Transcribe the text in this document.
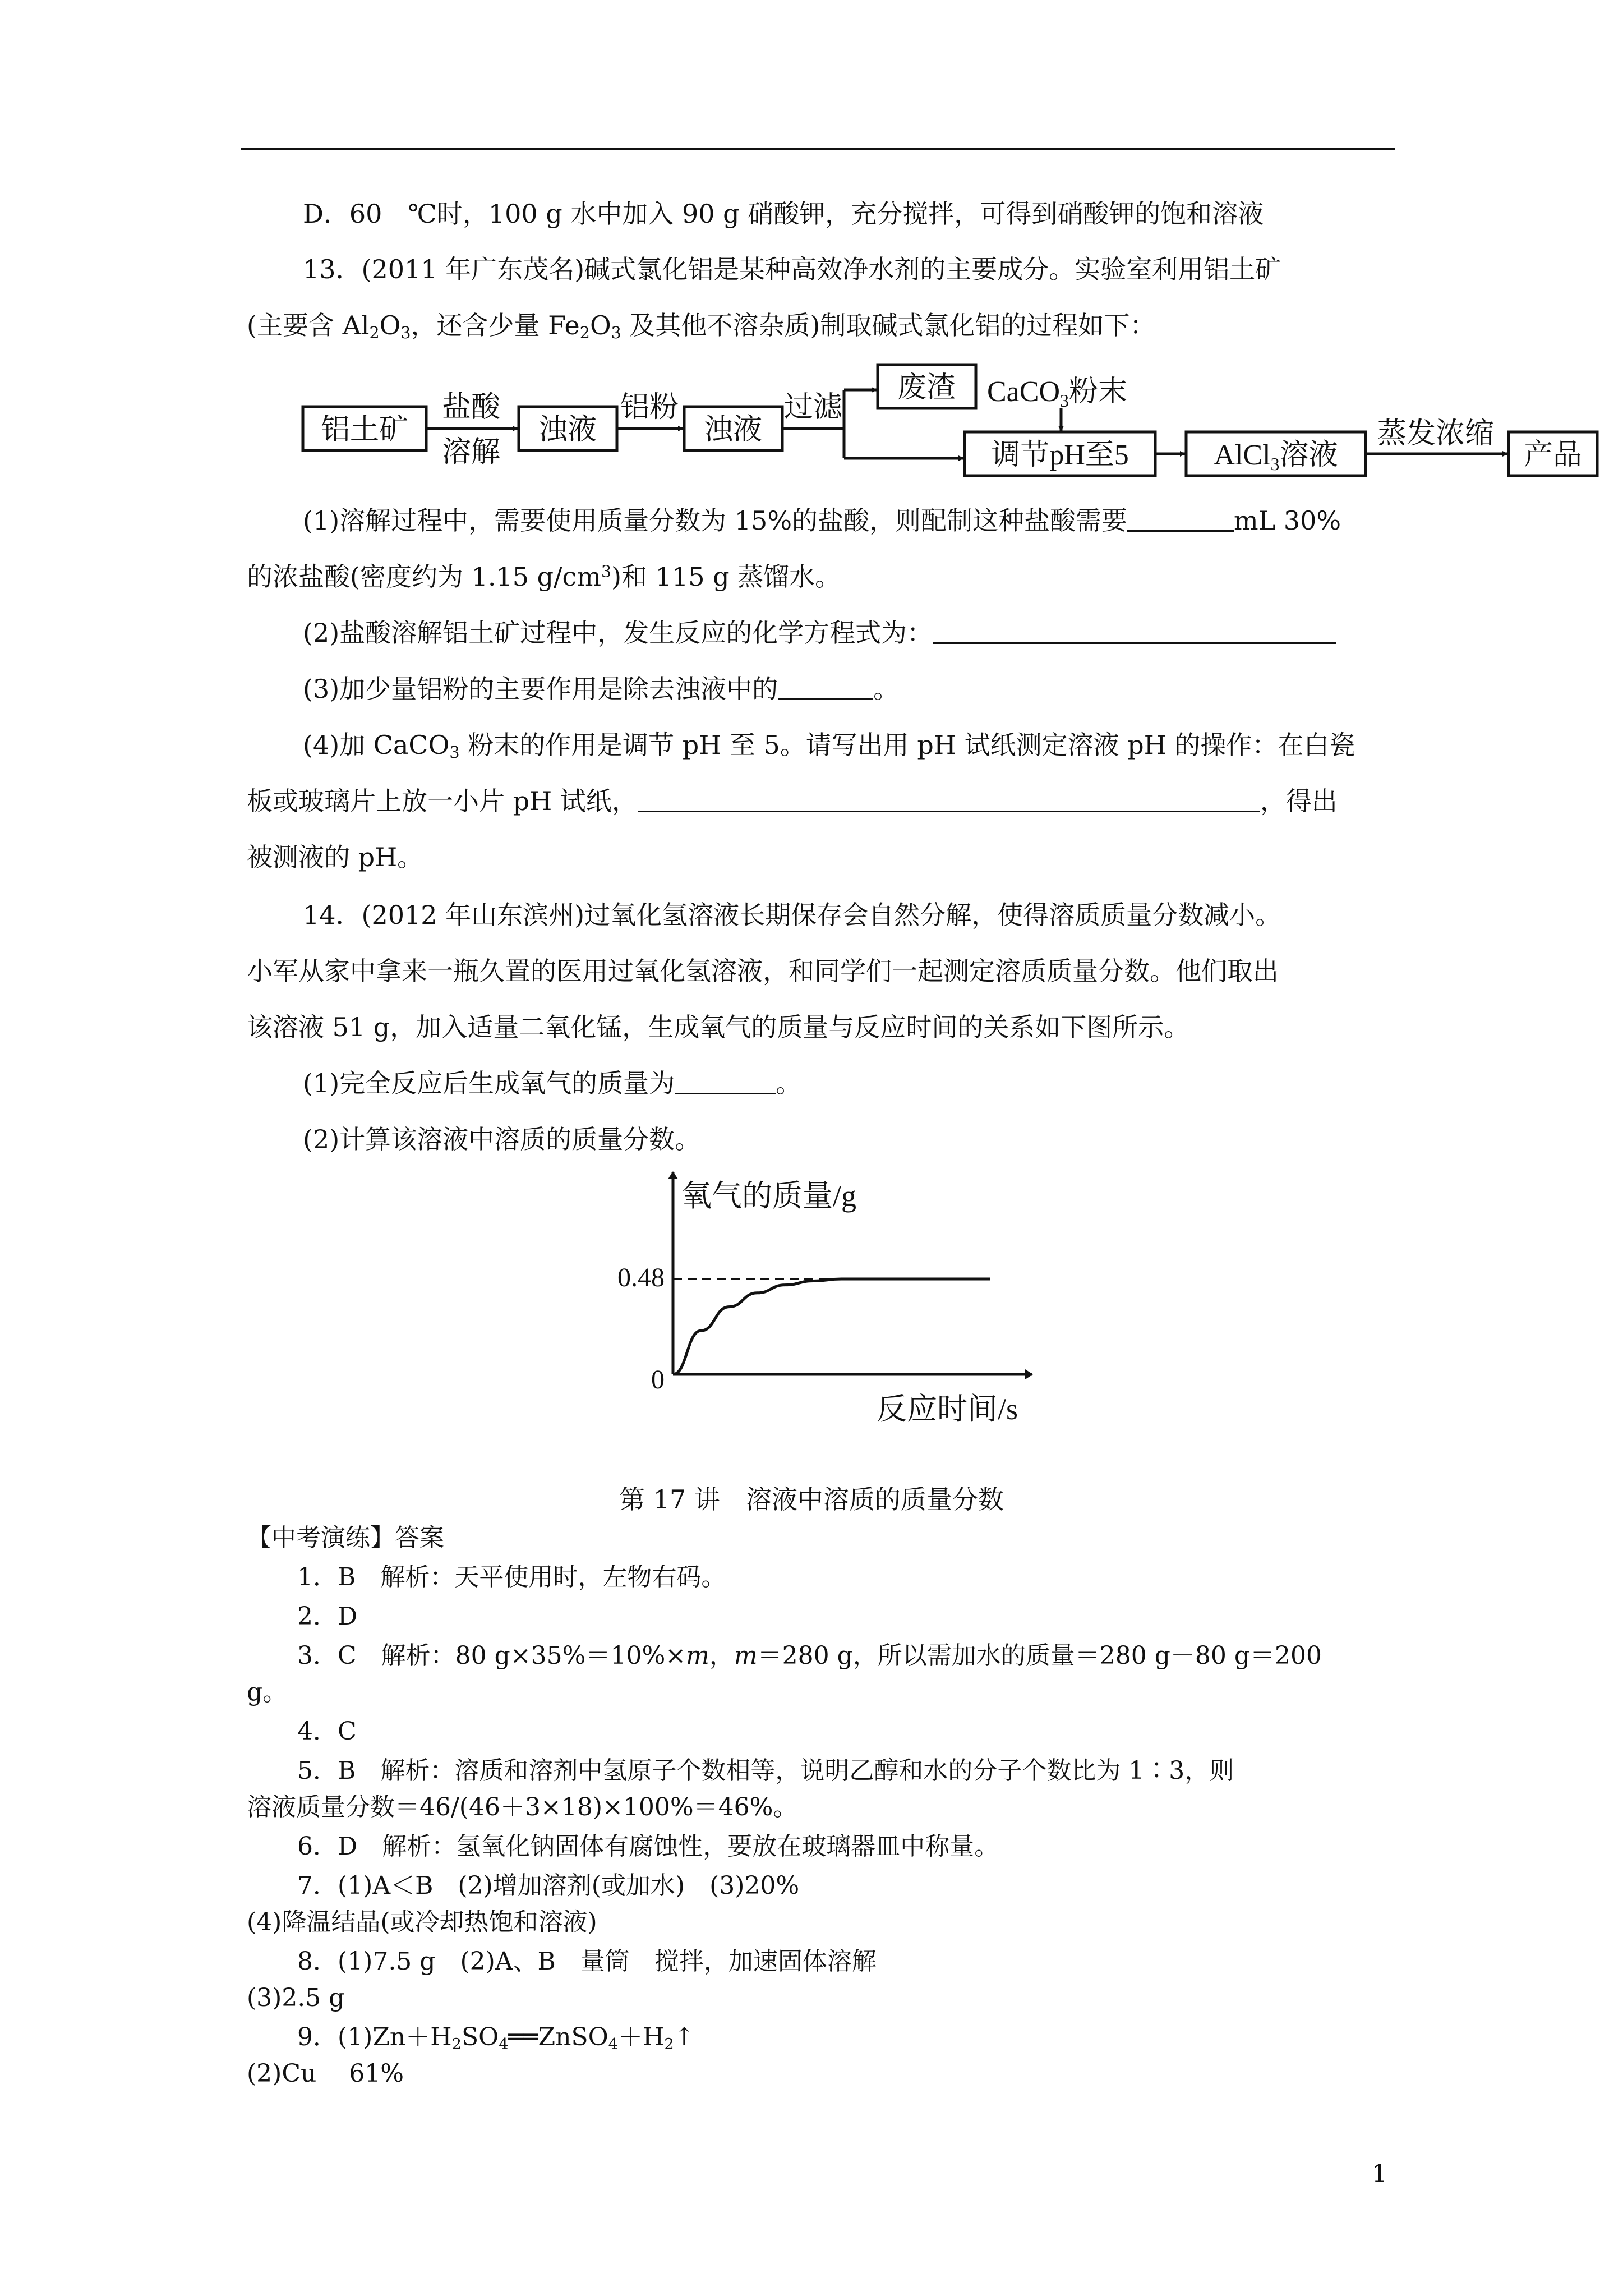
D．60　℃时，100 g 水中加入 90 g 硝酸钾，充分搅拌，可得到硝酸钾的饱和溶液
13．(2011 年广东茂名)碱式氯化铝是某种高效净水剂的主要成分。实验室利用铝土矿
(主要含 $Al_2O_3$，还含少量 $Fe_2O_3$ 及其他不溶杂质)制取碱式氯化铝的过程如下：
铝土矿
盐酸
溶解
浊液
铝粉
浊液
过滤
废渣 CaCO3粉末
调节pH至5	AlCl3溶液
蒸发浓缩
产品
(1)溶解过程中，需要使用质量分数为 15%的盐酸，则配制这种盐酸需要	mL 30%
的浓盐酸(密度约为 1.15 $g/cm^3$)和 115 g 蒸馏水。
(2)盐酸溶解铝土矿过程中，发生反应的化学方程式为：
(3)加少量铝粉的主要作用是除去浊液中的	。
(4)加 CaCO$_3$ 粉末的作用是调节 pH 至 5。请写出用 pH 试纸测定溶液 pH 的操作：在白瓷
板或玻璃片上放一小片 pH 试纸，	，得出
被测液的 pH。
14．(2012 年山东滨州)过氧化氢溶液长期保存会自然分解，使得溶质质量分数减小。
小军从家中拿来一瓶久置的医用过氧化氢溶液，和同学们一起测定溶质质量分数。他们取出
该溶液 51 g，加入适量二氧化锰，生成氧气的质量与反应时间的关系如下图所示。
(1)完全反应后生成氧气的质量为	。
(2)计算该溶液中溶质的质量分数。
氧气的质量/g
反应时间/s
0
0.48
第 17 讲　溶液中溶质的质量分数
【中考演练】答案
1．B　解析：天平使用时，左物右码。
2．D
3．C　解析：80 g×35%＝10%×m，m＝280 g，所以需加水的质量＝280 g－80 g＝200
g。
4．C
5．B　解析：溶质和溶剂中氢原子个数相等，说明乙醇和水的分子个数比为 1∶3，则
溶液质量分数＝46/(46＋3×18)×100%＝46%。
6．D　解析：氢氧化钠固体有腐蚀性，要放在玻璃器皿中称量。
7．(1)A＜B　(2)增加溶剂(或加水)　(3)20%
(4)降温结晶(或冷却热饱和溶液)
8．(1)7.5 g　(2)A、B　量筒　搅拌，加速固体溶解
(3)2.5 g
9．$(1)Zn+H_2SO_4══ZnSO_4+H_2↑$
(2)Cu　 61%
1
